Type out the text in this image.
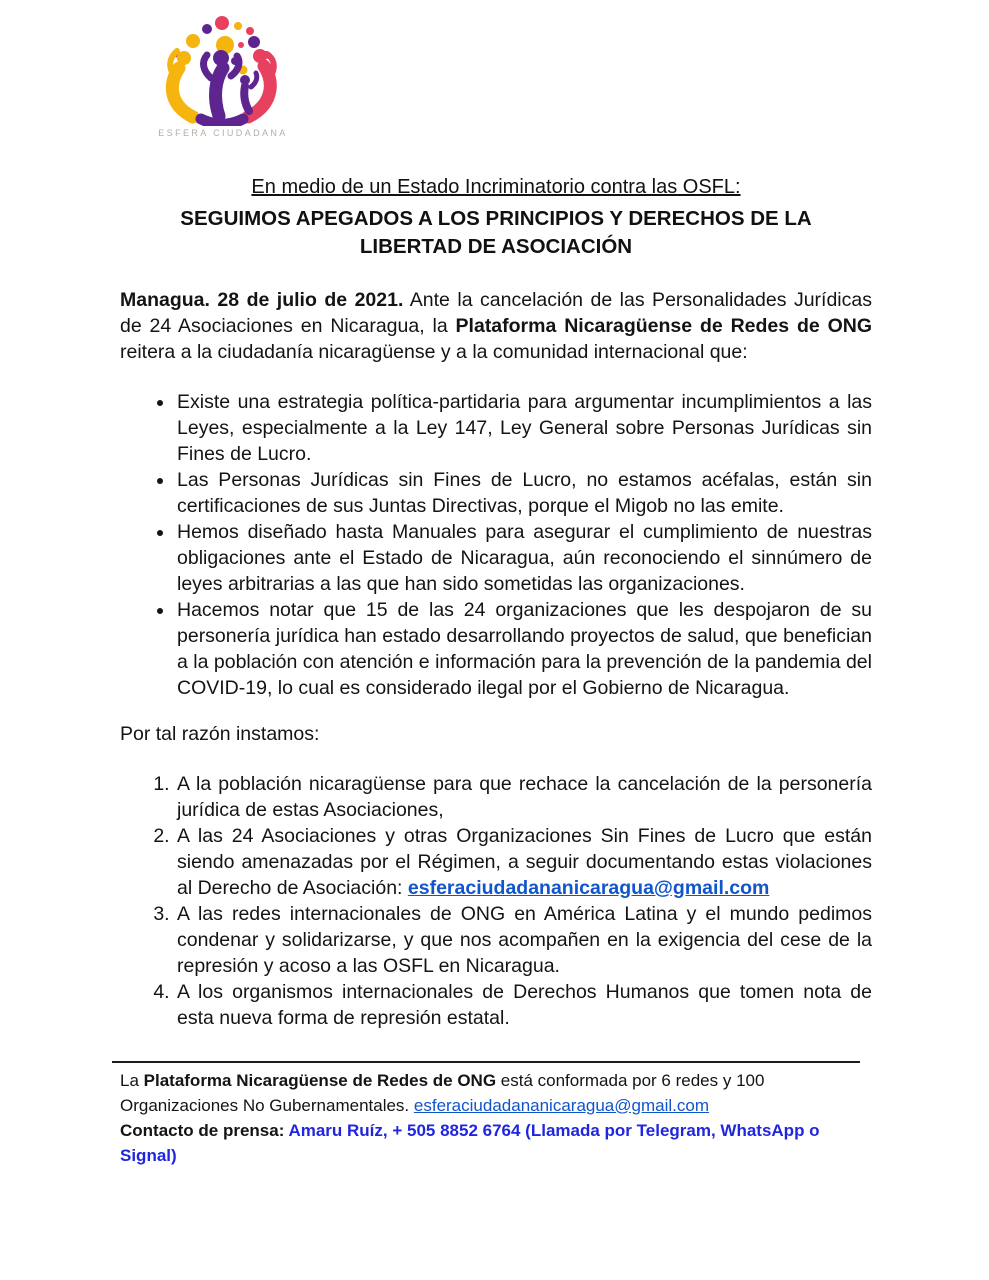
ESFERA CIUDADANA
En medio de un Estado Incriminatorio contra las OSFL:
SEGUIMOS APEGADOS A LOS PRINCIPIOS Y DERECHOS DE LA LIBERTAD DE ASOCIACIÓN

Managua. 28 de julio de 2021. Ante la cancelación de las Personalidades Jurídicas de 24 Asociaciones en Nicaragua, la Plataforma Nicaragüense de Redes de ONG reitera a la ciudadanía nicaragüense y a la comunidad internacional que:

• Existe una estrategia política-partidaria para argumentar incumplimientos a las Leyes, especialmente a la Ley 147, Ley General sobre Personas Jurídicas sin Fines de Lucro.
• Las Personas Jurídicas sin Fines de Lucro, no estamos acéfalas, están sin certificaciones de sus Juntas Directivas, porque el Migob no las emite.
• Hemos diseñado hasta Manuales para asegurar el cumplimiento de nuestras obligaciones ante el Estado de Nicaragua, aún reconociendo el sinnúmero de leyes arbitrarias a las que han sido sometidas las organizaciones.
• Hacemos notar que 15 de las 24 organizaciones que les despojaron de su personería jurídica han estado desarrollando proyectos de salud, que benefician a la población con atención e información para la prevención de la pandemia del COVID-19, lo cual es considerado ilegal por el Gobierno de Nicaragua.

Por tal razón instamos:

1. A la población nicaragüense para que rechace la cancelación de la personería jurídica de estas Asociaciones,
2. A las 24 Asociaciones y otras Organizaciones Sin Fines de Lucro que están siendo amenazadas por el Régimen, a seguir documentando estas violaciones al Derecho de Asociación: esferaciudadananicaragua@gmail.com
3. A las redes internacionales de ONG en América Latina y el mundo pedimos condenar y solidarizarse, y que nos acompañen en la exigencia del cese de la represión y acoso a las OSFL en Nicaragua.
4. A los organismos internacionales de Derechos Humanos que tomen nota de esta nueva forma de represión estatal.

La Plataforma Nicaragüense de Redes de ONG está conformada por 6 redes y 100 Organizaciones No Gubernamentales. esferaciudadananicaragua@gmail.com

Contacto de prensa: Amaru Ruíz, + 505 8852 6764 (Llamada por Telegram, WhatsApp o Signal)
